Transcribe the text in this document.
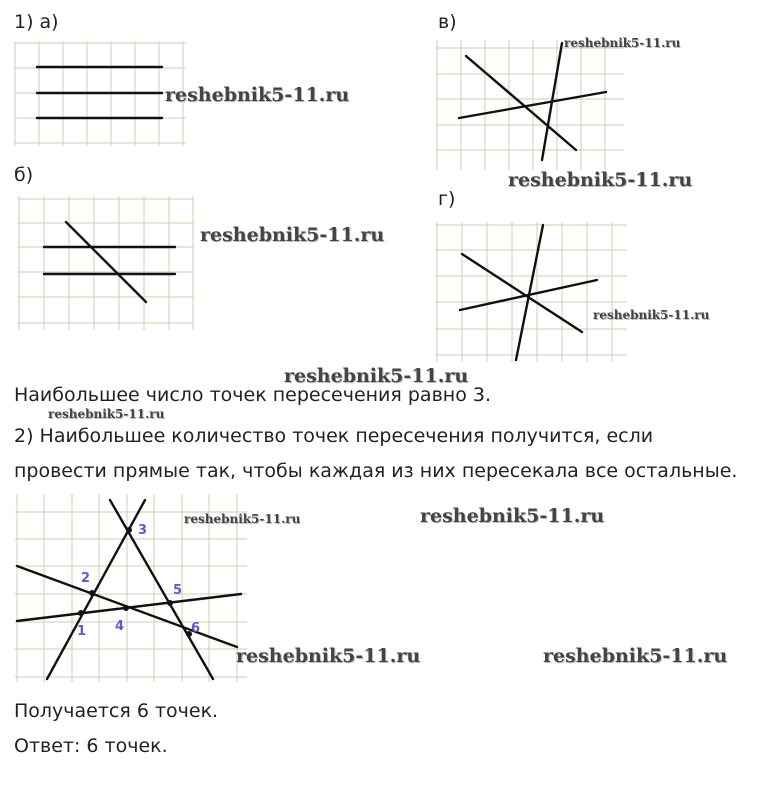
1) а)
б)
в)
г)
reshebnik5-11.ru
reshebnik5-11.ru
reshebnik5-11.ru
reshebnik5-11.ru
reshebnik5-11.ru
reshebnik5-11.ru
Наибольшее число точек пересечения равно 3.
reshebnik5-11.ru
2) Наибольшее количество точек пересечения получится, если
провести прямые так, чтобы каждая из них пересекала все остальные.
1
2
3
4
5
6
reshebnik5-11.ru	reshebnik5-11.ru
reshebnik5-11.ru	reshebnik5-11.ru
Получается 6 точек.
Ответ: 6 точек.
